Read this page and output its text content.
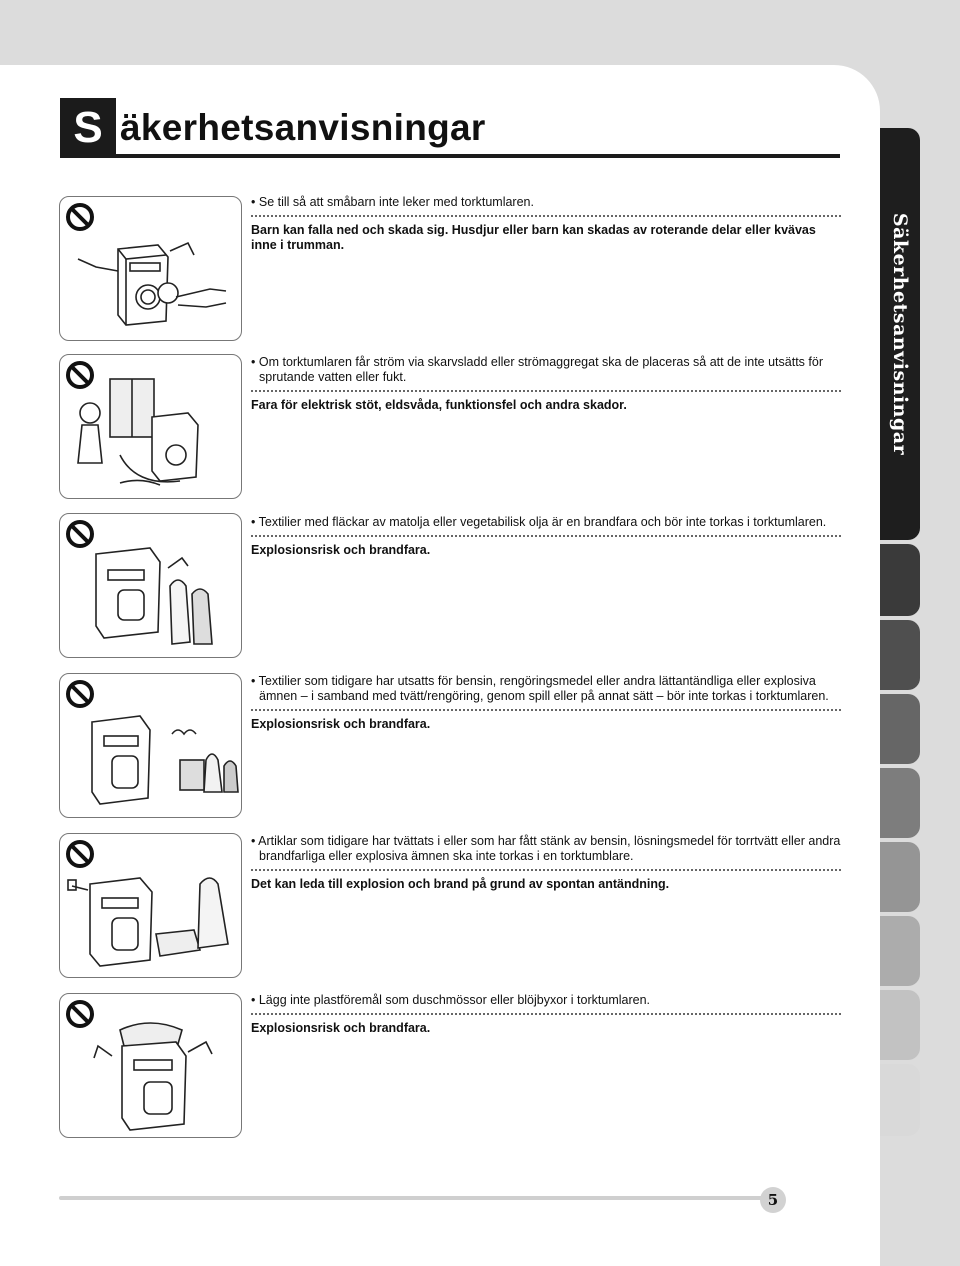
Säkerhetsanvisningar
S äkerhetsanvisningar
• Se till så att småbarn inte leker med torktumlaren.
Barn kan falla ned och skada sig. Husdjur eller barn kan skadas av roterande delar eller kvävas inne i trumman.
• Om torktumlaren får ström via skarvsladd eller strömaggregat ska de placeras så att de inte utsätts för sprutande vatten eller fukt.
Fara för elektrisk stöt, eldsvåda, funktionsfel och andra skador.
• Textilier med fläckar av matolja eller vegetabilisk olja är en brandfara och bör inte torkas i torktumlaren.
Explosionsrisk och brandfara.
• Textilier som tidigare har utsatts för bensin, rengöringsmedel eller andra lättantändliga eller explosiva ämnen – i samband med tvätt/rengöring, genom spill eller på annat sätt – bör inte torkas i torktumlaren.
Explosionsrisk och brandfara.
• Artiklar som tidigare har tvättats i eller som har fått stänk av bensin, lösningsmedel för torrtvätt eller andra brandfarliga eller explosiva ämnen ska inte torkas i en torktumblare.
Det kan leda till explosion och brand på grund av spontan antändning.
• Lägg inte plastföremål som duschmössor eller blöjbyxor i torktumlaren.
Explosionsrisk och brandfara.
5
